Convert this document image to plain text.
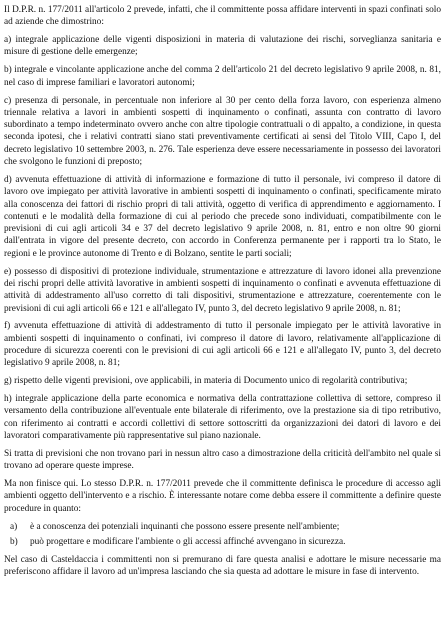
Il D.P.R. n. 177/2011 all'articolo 2 prevede, infatti, che il committente possa affidare interventi in spazi confinati solo ad aziende che dimostrino:

a) integrale applicazione delle vigenti disposizioni in materia di valutazione dei rischi, sorveglianza sanitaria e misure di gestione delle emergenze;

b) integrale e vincolante applicazione anche del comma 2 dell'articolo 21 del decreto legislativo 9 aprile 2008, n. 81, nel caso di imprese familiari e lavoratori autonomi;

c) presenza di personale, in percentuale non inferiore al 30 per cento della forza lavoro, con esperienza almeno triennale relativa a lavori in ambienti sospetti di inquinamento o confinati, assunta con contratto di lavoro subordinato a tempo indeterminato ovvero anche con altre tipologie contrattuali o di appalto, a condizione, in questa seconda ipotesi, che i relativi contratti siano stati preventivamente certificati ai sensi del Titolo VIII, Capo I, del decreto legislativo 10 settembre 2003, n. 276. Tale esperienza deve essere necessariamente in possesso dei lavoratori che svolgono le funzioni di preposto;

d) avvenuta effettuazione di attività di informazione e formazione di tutto il personale, ivi compreso il datore di lavoro ove impiegato per attività lavorative in ambienti sospetti di inquinamento o confinati, specificamente mirato alla conoscenza dei fattori di rischio propri di tali attività, oggetto di verifica di apprendimento e aggiornamento. I contenuti e le modalità della formazione di cui al periodo che precede sono individuati, compatibilmente con le previsioni di cui agli articoli 34 e 37 del decreto legislativo 9 aprile 2008, n. 81, entro e non oltre 90 giorni dall'entrata in vigore del presente decreto, con accordo in Conferenza permanente per i rapporti tra lo Stato, le regioni e le province autonome di Trento e di Bolzano, sentite le parti sociali;

e) possesso di dispositivi di protezione individuale, strumentazione e attrezzature di lavoro idonei alla prevenzione dei rischi propri delle attività lavorative in ambienti sospetti di inquinamento o confinati e avvenuta effettuazione di attività di addestramento all'uso corretto di tali dispositivi, strumentazione e attrezzature, coerentemente con le previsioni di cui agli articoli 66 e 121 e all'allegato IV, punto 3, del decreto legislativo 9 aprile 2008, n. 81;

f) avvenuta effettuazione di attività di addestramento di tutto il personale impiegato per le attività lavorative in ambienti sospetti di inquinamento o confinati, ivi compreso il datore di lavoro, relativamente all'applicazione di procedure di sicurezza coerenti con le previsioni di cui agli articoli 66 e 121 e all'allegato IV, punto 3, del decreto legislativo 9 aprile 2008, n. 81;

g) rispetto delle vigenti previsioni, ove applicabili, in materia di Documento unico di regolarità contributiva;

h) integrale applicazione della parte economica e normativa della contrattazione collettiva di settore, compreso il versamento della contribuzione all'eventuale ente bilaterale di riferimento, ove la prestazione sia di tipo retributivo, con riferimento ai contratti e accordi collettivi di settore sottoscritti da organizzazioni dei datori di lavoro e dei lavoratori comparativamente più rappresentative sul piano nazionale.

Si tratta di previsioni che non trovano pari in nessun altro caso a dimostrazione della criticità dell'ambito nel quale si trovano ad operare queste imprese.

Ma non finisce qui. Lo stesso D.P.R. n. 177/2011 prevede che il committente definisca le procedure di accesso agli ambienti oggetto dell'intervento e a rischio. È interessante notare come debba essere il committente a definire queste procedure in quanto:

a) è a conoscenza dei potenziali inquinanti che possono essere presente nell'ambiente;
b) può progettare e modificare l'ambiente o gli accessi affinché avvengano in sicurezza.

Nel caso di Casteldaccia i committenti non si premurano di fare questa analisi e adottare le misure necessarie ma preferiscono affidare il lavoro ad un'impresa lasciando che sia questa ad adottare le misure in fase di intervento.
